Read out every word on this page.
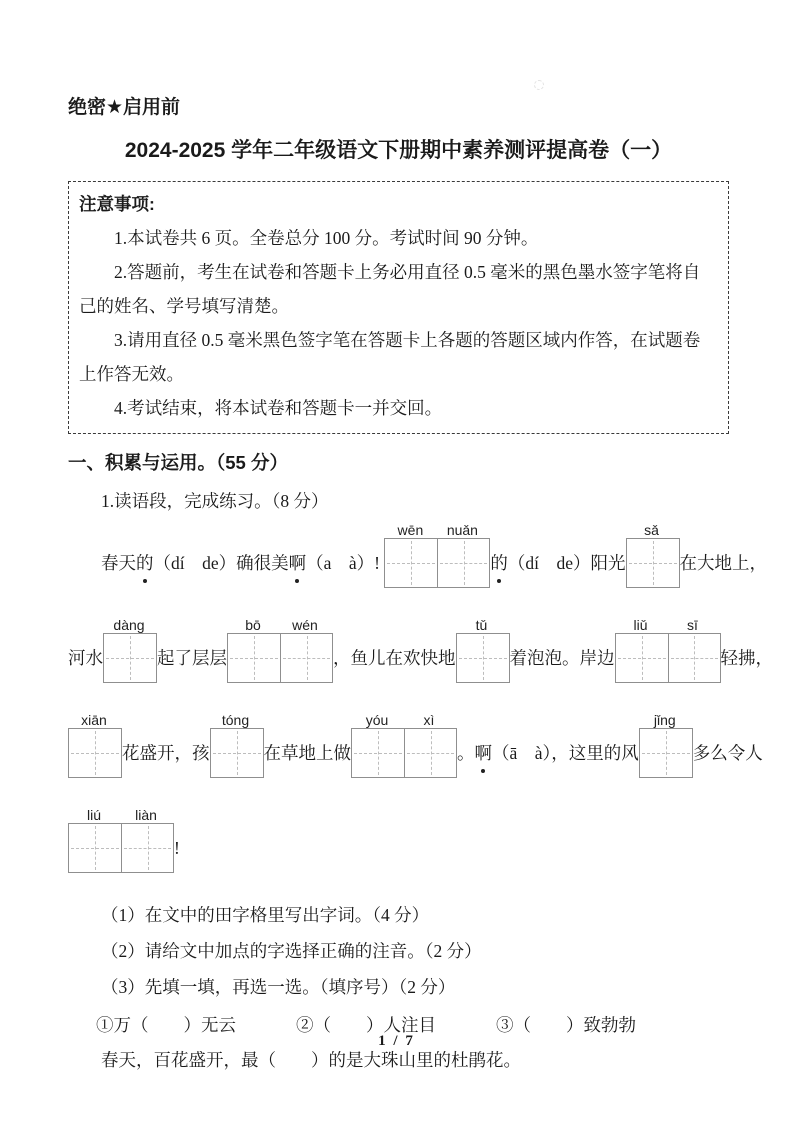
绝密★启用前
2024-2025 学年二年级语文下册期中素养测评提高卷（一）
注意事项:
1.本试卷共 6 页。全卷总分 100 分。考试时间 90 分钟。
2.答题前，考生在试卷和答题卡上务必用直径 0.5 毫米的黑色墨水签字笔将自己的姓名、学号填写清楚。
3.请用直径 0.5 毫米黑色签字笔在答题卡上各题的答题区域内作答，在试题卷上作答无效。
4.考试结束，将本试卷和答题卡一并交回。
一、积累与运用。（55 分）
1.读语段，完成练习。（8 分）
春天 的 （dí　de）确很美 啊 （a　à）!
wēn	nuǎn
的 （dí　de）阳光
sǎ
在大地上，
河水
dàng
起了层层
bō	wén
，鱼儿在欢快地
tǔ
着泡泡。岸边
liǔ	sī
轻拂，
xiān
花盛开，孩
tóng
在草地上做
yóu	xì
。 啊 （ā　à），这里的风
jǐng
多么令人
liú	liàn
!
（1）在文中的田字格里写出字词。（4 分）
（2）请给文中加点的字选择正确的注音。（2 分）
（3）先填一填，再选一选。（填序号）（2 分）
①万（　　）无云	②（　　）人注目	③（　　）致勃勃
春天，百花盛开，最（　　）的是大珠山里的杜鹃花。
1 / 7
